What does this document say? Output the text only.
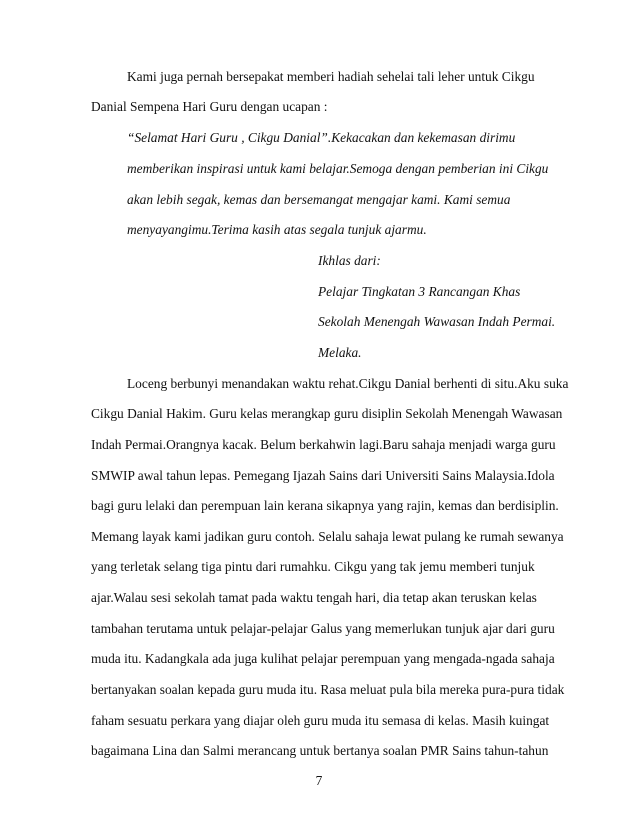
Kami juga pernah bersepakat memberi hadiah sehelai tali leher untuk Cikgu
Danial Sempena Hari Guru dengan ucapan :
“Selamat Hari Guru , Cikgu Danial”.Kekacakan dan kekemasan dirimu
memberikan inspirasi untuk kami belajar.Semoga dengan pemberian ini Cikgu
akan lebih segak, kemas dan bersemangat mengajar kami. Kami semua
menyayangimu.Terima kasih atas segala tunjuk ajarmu.
Ikhlas dari:
Pelajar Tingkatan 3 Rancangan Khas
Sekolah Menengah Wawasan Indah Permai.
Melaka.
Loceng berbunyi menandakan waktu rehat.Cikgu Danial berhenti di situ.Aku suka
Cikgu Danial Hakim. Guru kelas merangkap guru disiplin Sekolah Menengah Wawasan
Indah Permai.Orangnya kacak. Belum berkahwin lagi.Baru sahaja menjadi warga guru
SMWIP awal tahun lepas. Pemegang Ijazah Sains dari Universiti Sains Malaysia.Idola
bagi guru lelaki dan perempuan lain kerana sikapnya yang rajin, kemas dan berdisiplin.
Memang layak kami jadikan guru contoh. Selalu sahaja lewat pulang ke rumah sewanya
yang terletak selang tiga pintu dari rumahku. Cikgu yang tak jemu memberi tunjuk
ajar.Walau sesi sekolah tamat pada waktu tengah hari, dia tetap akan teruskan kelas
tambahan terutama untuk pelajar-pelajar Galus yang memerlukan tunjuk ajar dari guru
muda itu. Kadangkala ada juga kulihat pelajar perempuan yang mengada-ngada sahaja
bertanyakan soalan kepada guru muda itu. Rasa meluat pula bila mereka pura-pura tidak
faham sesuatu perkara yang diajar oleh guru muda itu semasa di kelas. Masih kuingat
bagaimana Lina dan Salmi merancang untuk bertanya soalan PMR Sains tahun-tahun
7
